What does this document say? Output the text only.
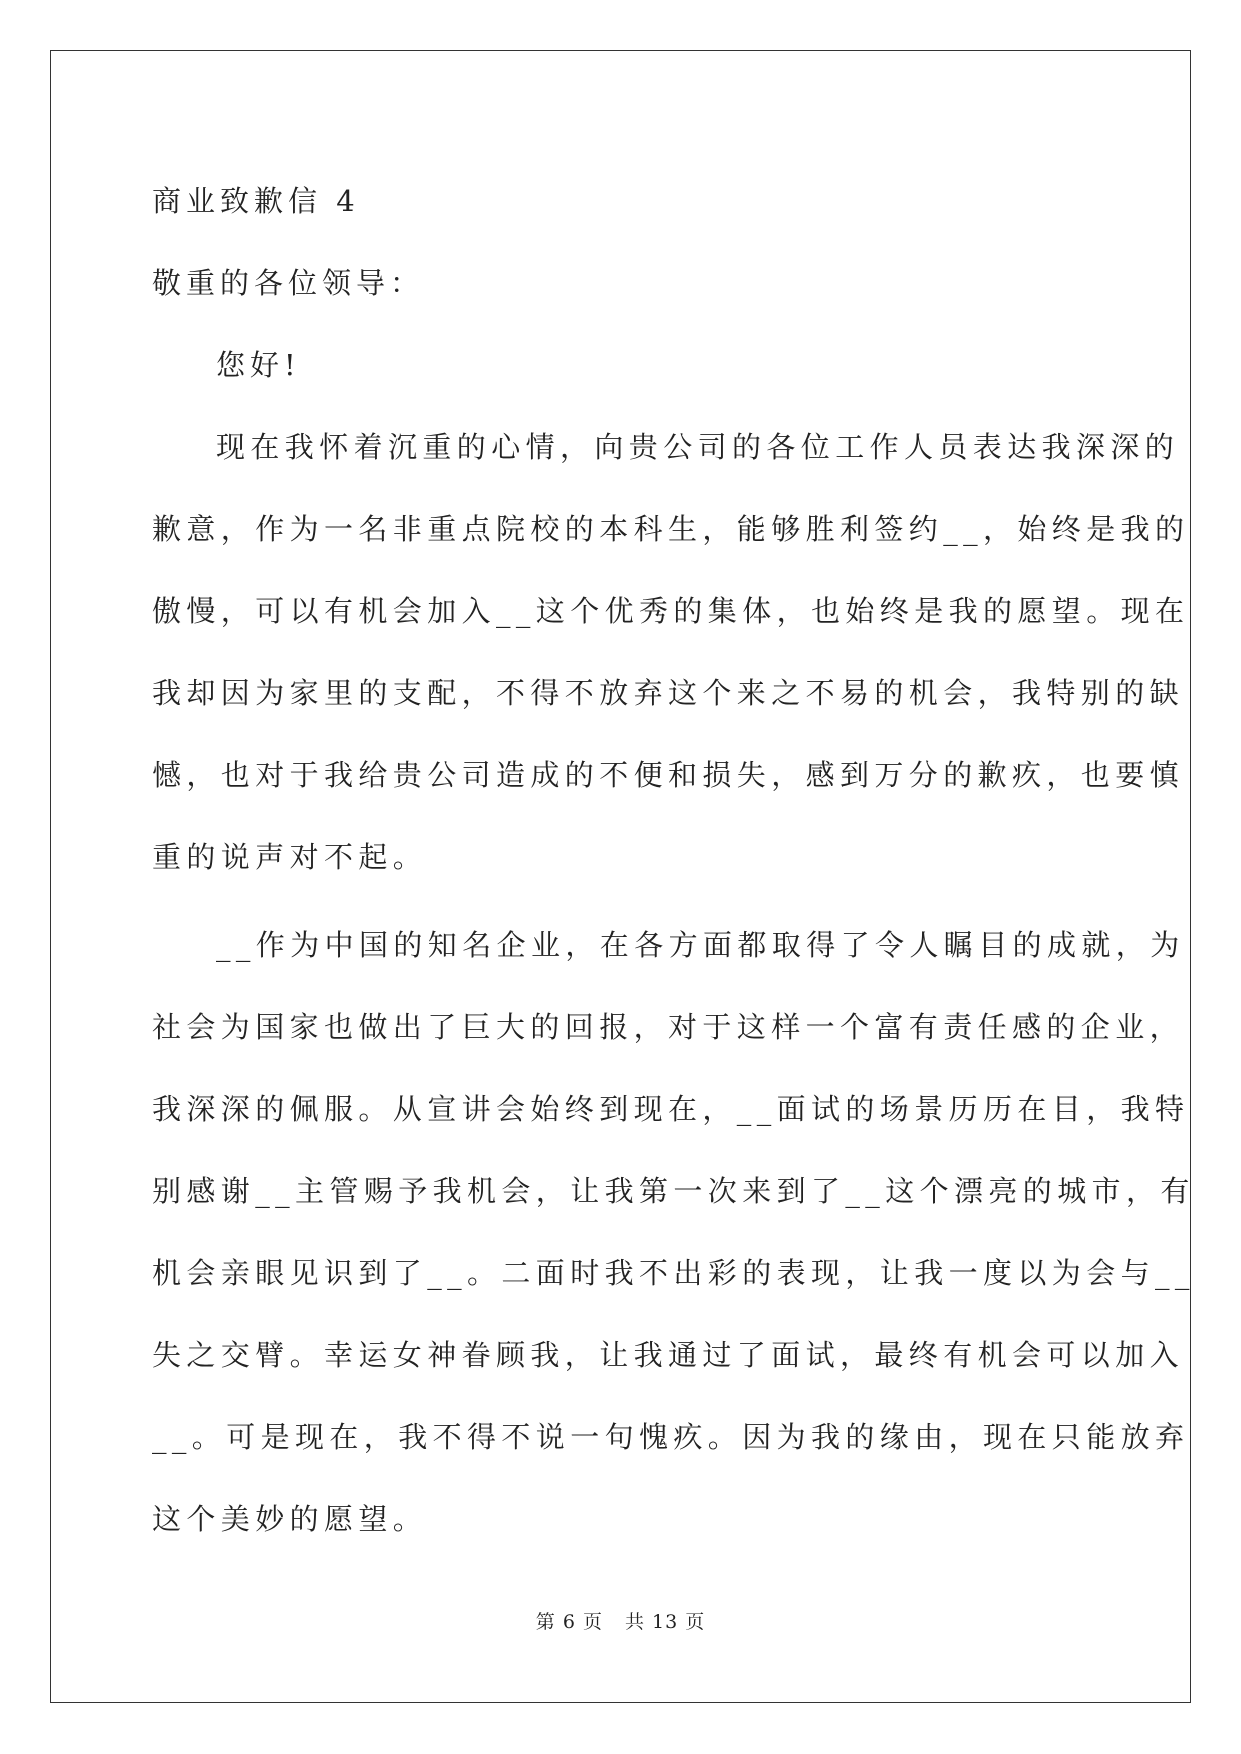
商业致歉信 4
敬重的各位领导：
您好!
现在我怀着沉重的心情，向贵公司的各位工作人员表达我深深的
歉意，作为一名非重点院校的本科生，能够胜利签约__，始终是我的
傲慢，可以有机会加入__这个优秀的集体，也始终是我的愿望。现在
我却因为家里的支配，不得不放弃这个来之不易的机会，我特别的缺
憾，也对于我给贵公司造成的不便和损失，感到万分的歉疚，也要慎
重的说声对不起。
__作为中国的知名企业，在各方面都取得了令人瞩目的成就，为
社会为国家也做出了巨大的回报，对于这样一个富有责任感的企业，
我深深的佩服。从宣讲会始终到现在，__面试的场景历历在目，我特
别感谢__主管赐予我机会，让我第一次来到了__这个漂亮的城市，有
机会亲眼见识到了__。二面时我不出彩的表现，让我一度以为会与__
失之交臂。幸运女神眷顾我，让我通过了面试，最终有机会可以加入
__。可是现在，我不得不说一句愧疚。因为我的缘由，现在只能放弃
这个美妙的愿望。
第 6 页 共 13 页
